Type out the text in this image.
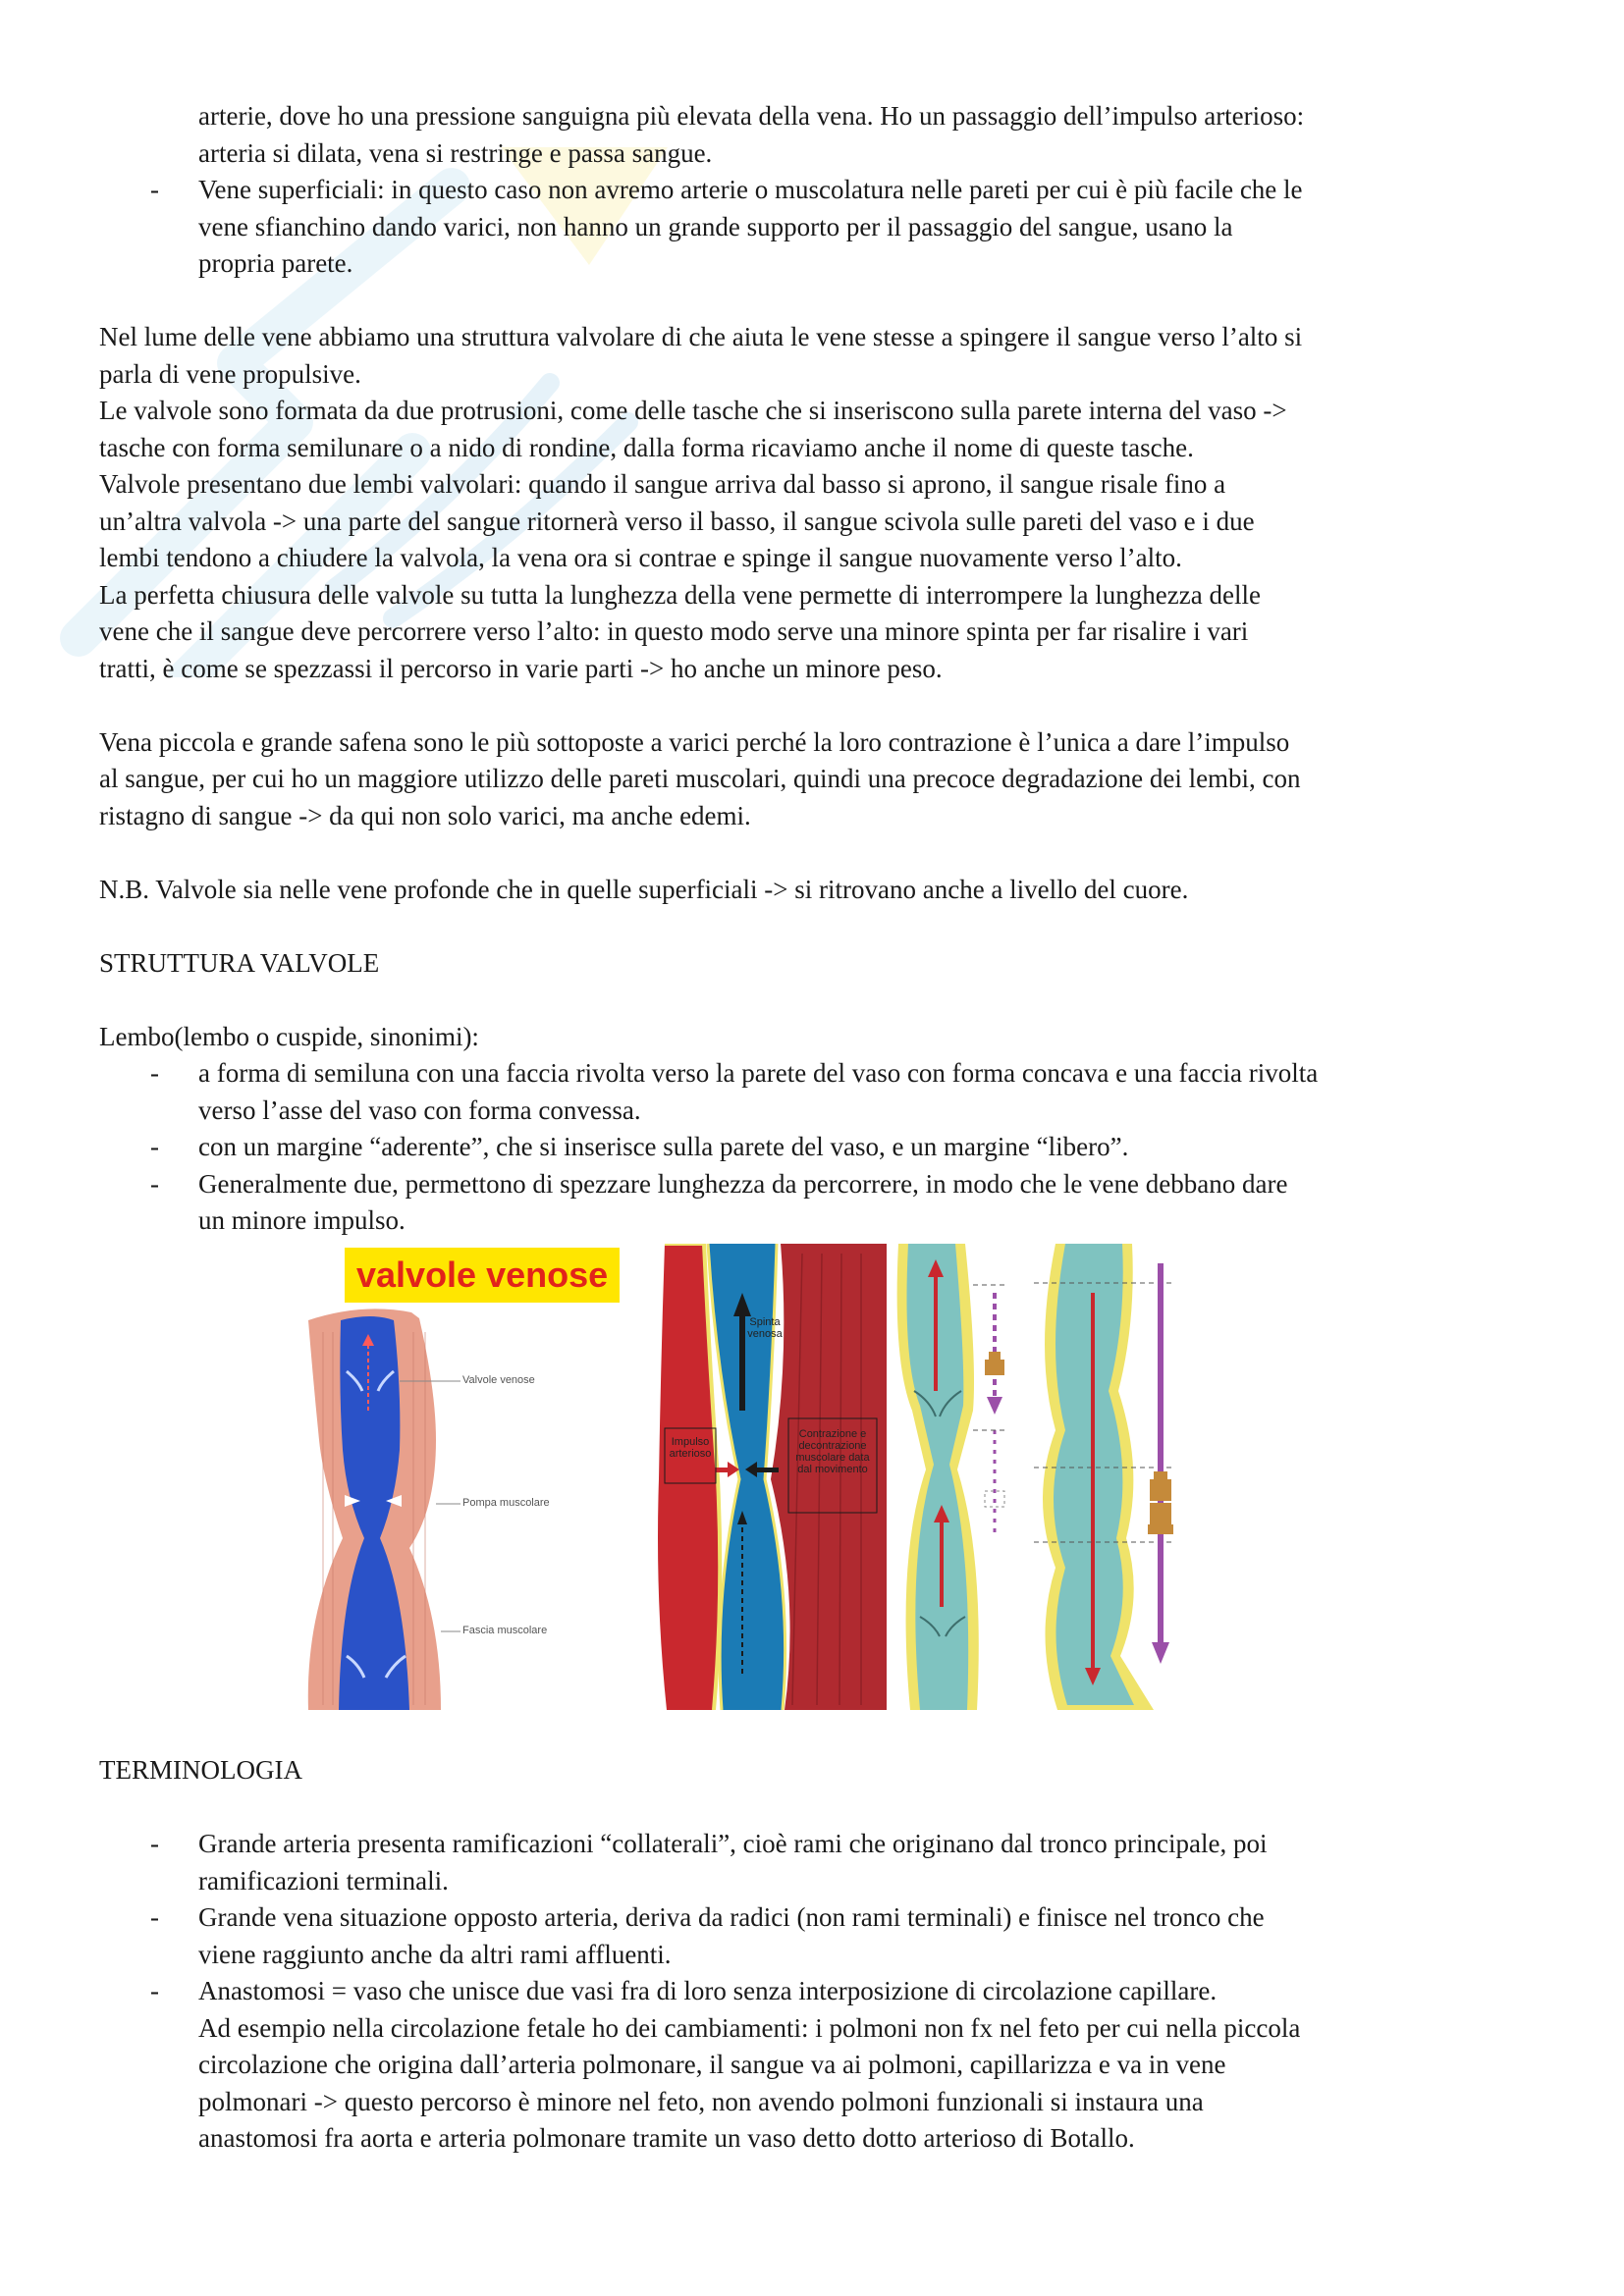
arterie, dove ho una pressione sanguigna più elevata della vena. Ho un passaggio dell’impulso arterioso:

arteria si dilata, vena si restringe e passa sangue.

- Vene superficiali: in questo caso non avremo arterie o muscolatura nelle pareti per cui è più facile che le

vene sfianchino dando varici, non hanno un grande supporto per il passaggio del sangue, usano la

propria parete.

Nel lume delle vene abbiamo una struttura valvolare di che aiuta le vene stesse a spingere il sangue verso l’alto si

parla di vene propulsive.

Le valvole sono formata da due protrusioni, come delle tasche che si inseriscono sulla parete interna del vaso ->

tasche con forma semilunare o a nido di rondine, dalla forma ricaviamo anche il nome di queste tasche.

Valvole presentano due lembi valvolari: quando il sangue arriva dal basso si aprono, il sangue risale fino a

un’altra valvola -> una parte del sangue ritornerà verso il basso, il sangue scivola sulle pareti del vaso e i due

lembi tendono a chiudere la valvola, la vena ora si contrae e spinge il sangue nuovamente verso l’alto.

La perfetta chiusura delle valvole su tutta la lunghezza della vene permette di interrompere la lunghezza delle

vene che il sangue deve percorrere verso l’alto: in questo modo serve una minore spinta per far risalire i vari

tratti, è come se spezzassi il percorso in varie parti -> ho anche un minore peso.

Vena piccola e grande safena sono le più sottoposte a varici perché la loro contrazione è l’unica a dare l’impulso

al sangue, per cui ho un maggiore utilizzo delle pareti muscolari, quindi una precoce degradazione dei lembi, con

ristagno di sangue -> da qui non solo varici, ma anche edemi.

N.B. Valvole sia nelle vene profonde che in quelle superficiali -> si ritrovano anche a livello del cuore.

STRUTTURA VALVOLE

Lembo(lembo o cuspide, sinonimi):

- a forma di semiluna con una faccia rivolta verso la parete del vaso con forma concava e una faccia rivolta

verso l’asse del vaso con forma convessa.

- con un margine “aderente”, che si inserisce sulla parete del vaso, e un margine “libero”.

- Generalmente due, permettono di spezzare lunghezza da percorrere, in modo che le vene debbano dare

un minore impulso.

valvole venose
Valvole venose
Pompa muscolare
Fascia muscolare
Spinta venosa
Impulso arterioso
Contrazione e decontrazione muscolare data dal movimento

TERMINOLOGIA

- Grande arteria presenta ramificazioni “collaterali”, cioè rami che originano dal tronco principale, poi

ramificazioni terminali.

- Grande vena situazione opposto arteria, deriva da radici (non rami terminali) e finisce nel tronco che

viene raggiunto anche da altri rami affluenti.

- Anastomosi = vaso che unisce due vasi fra di loro senza interposizione di circolazione capillare.

Ad esempio nella circolazione fetale ho dei cambiamenti: i polmoni non fx nel feto per cui nella piccola

circolazione che origina dall’arteria polmonare, il sangue va ai polmoni, capillarizza e va in vene

polmonari -> questo percorso è minore nel feto, non avendo polmoni funzionali si instaura una

anastomosi fra aorta e arteria polmonare tramite un vaso detto dotto arterioso di Botallo.
